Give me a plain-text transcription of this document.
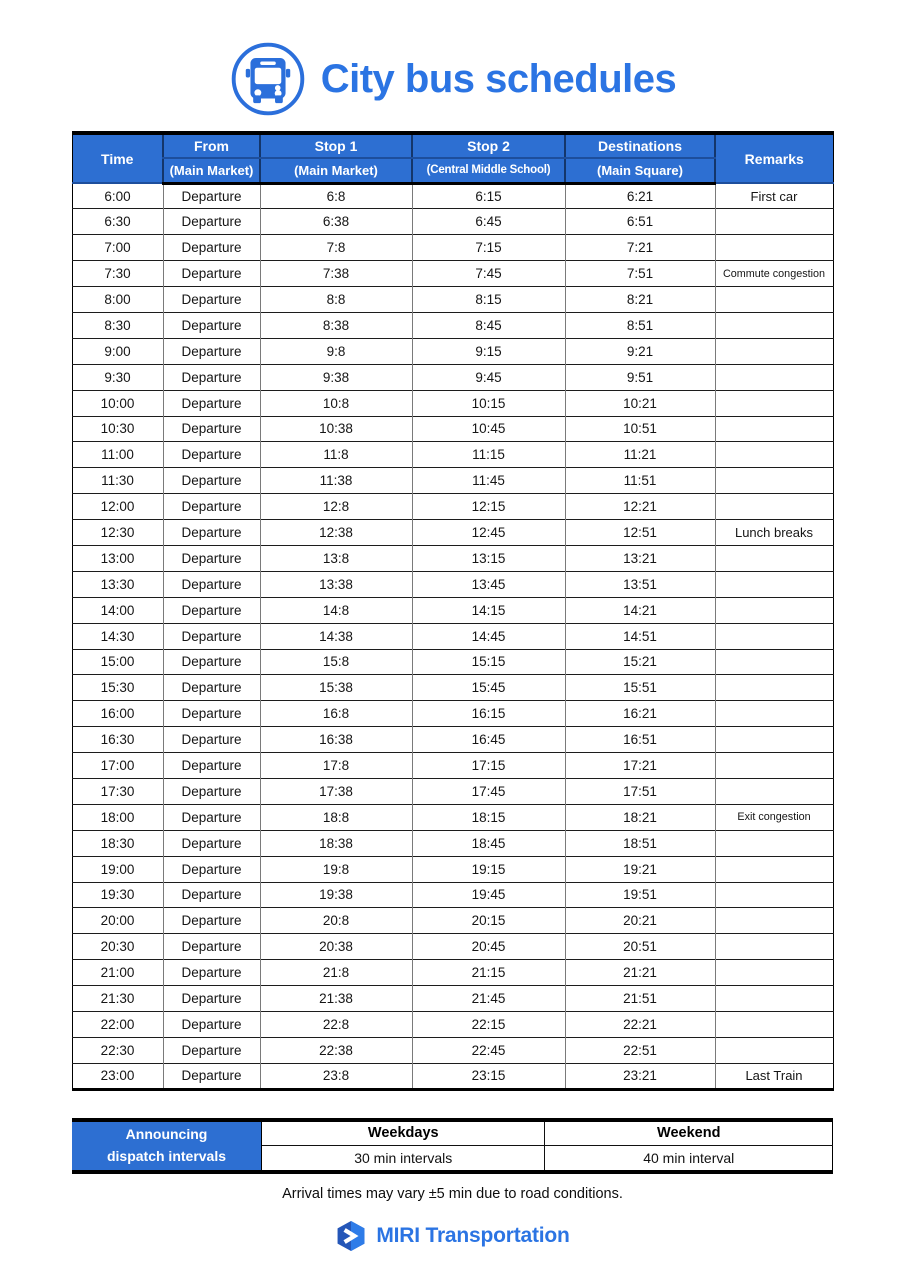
City bus schedules
Time	From	Stop 1	Stop 2	Destinations	Remarks
	(Main Market)	(Main Market)	(Central Middle School)	(Main Square)	
6:00	Departure	6:8	6:15	6:21	First car
6:30	Departure	6:38	6:45	6:51	
7:00	Departure	7:8	7:15	7:21	
7:30	Departure	7:38	7:45	7:51	Commute congestion
8:00	Departure	8:8	8:15	8:21	
8:30	Departure	8:38	8:45	8:51	
9:00	Departure	9:8	9:15	9:21	
9:30	Departure	9:38	9:45	9:51	
10:00	Departure	10:8	10:15	10:21	
10:30	Departure	10:38	10:45	10:51	
11:00	Departure	11:8	11:15	11:21	
11:30	Departure	11:38	11:45	11:51	
12:00	Departure	12:8	12:15	12:21	
12:30	Departure	12:38	12:45	12:51	Lunch breaks
13:00	Departure	13:8	13:15	13:21	
13:30	Departure	13:38	13:45	13:51	
14:00	Departure	14:8	14:15	14:21	
14:30	Departure	14:38	14:45	14:51	
15:00	Departure	15:8	15:15	15:21	
15:30	Departure	15:38	15:45	15:51	
16:00	Departure	16:8	16:15	16:21	
16:30	Departure	16:38	16:45	16:51	
17:00	Departure	17:8	17:15	17:21	
17:30	Departure	17:38	17:45	17:51	
18:00	Departure	18:8	18:15	18:21	Exit congestion
18:30	Departure	18:38	18:45	18:51	
19:00	Departure	19:8	19:15	19:21	
19:30	Departure	19:38	19:45	19:51	
20:00	Departure	20:8	20:15	20:21	
20:30	Departure	20:38	20:45	20:51	
21:00	Departure	21:8	21:15	21:21	
21:30	Departure	21:38	21:45	21:51	
22:00	Departure	22:8	22:15	22:21	
22:30	Departure	22:38	22:45	22:51	
23:00	Departure	23:8	23:15	23:21	Last Train
Announcing dispatch intervals	Weekdays	Weekend
	30 min intervals	40 min interval

Arrival times may vary ±5 min due to road conditions.

MIRI Transportation
